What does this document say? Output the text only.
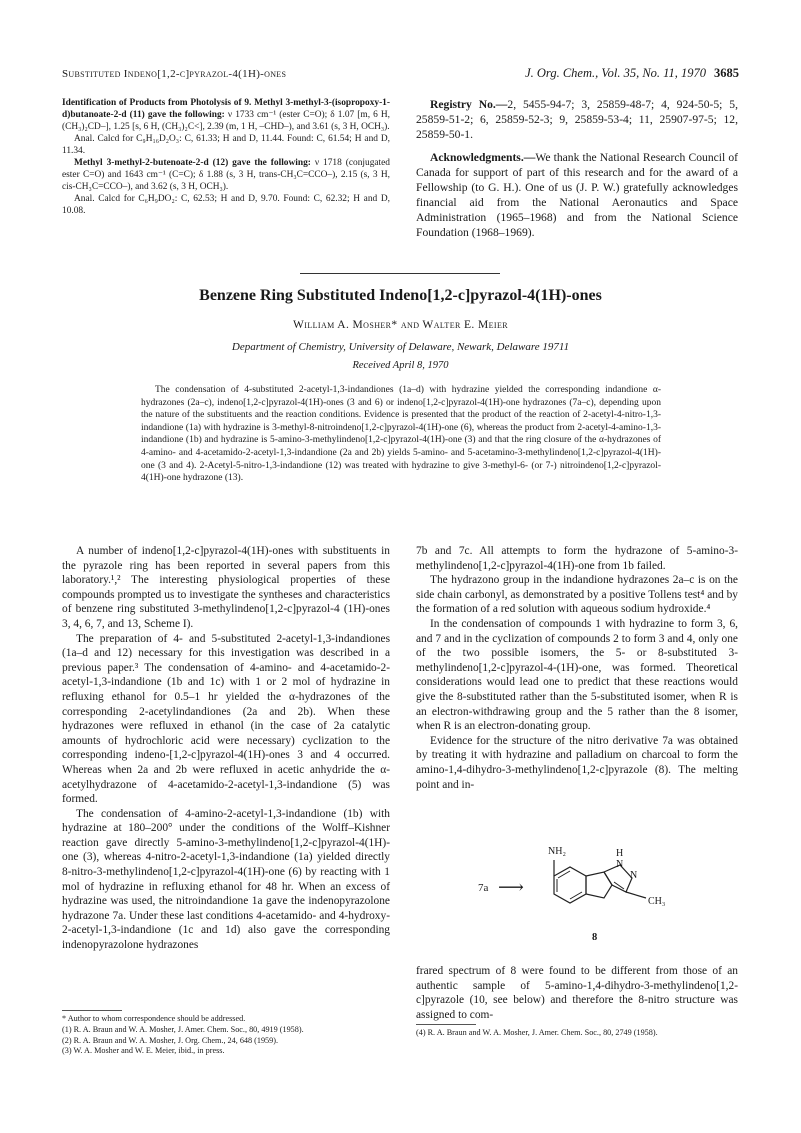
Substituted Indeno[1,2-c]pyrazol-4(1H)-ones	J. Org. Chem., Vol. 35, No. 11, 1970 3685

Identification of Products from Photolysis of 9. Methyl 3-methyl-3-(isopropoxy-1-d)butanoate-2-d (11) gave the following: ν 1733 cm⁻¹ (ester C=O); δ 1.07 [m, 6 H, (CH₃)₂CD–], 1.25 [s, 6 H, (CH₃)₂C<], 2.39 (m, 1 H, –CHD–), and 3.61 (s, 3 H, OCH₃).

Anal. Calcd for C₉H₁₆D₂O₃: C, 61.33; H and D, 11.44. Found: C, 61.54; H and D, 11.34.

Methyl 3-methyl-2-butenoate-2-d (12) gave the following: ν 1718 (conjugated ester C=O) and 1643 cm⁻¹ (C=C); δ 1.88 (s, 3 H, trans-CH₃C=CCO–), 2.15 (s, 3 H, cis-CH₃C=CCO–), and 3.62 (s, 3 H, OCH₃).

Anal. Calcd for C₆H₉DO₂: C, 62.53; H and D, 9.70. Found: C, 62.32; H and D, 10.08.

Registry No.—2, 5455-94-7; 3, 25859-48-7; 4, 924-50-5; 5, 25859-51-2; 6, 25859-52-3; 9, 25859-53-4; 11, 25907-97-5; 12, 25859-50-1.

Acknowledgments.—We thank the National Research Council of Canada for support of part of this research and for the award of a Fellowship (to G. H.). One of us (J. P. W.) gratefully acknowledges financial aid from the National Aeronautics and Space Administration (1965–1968) and from the National Science Foundation (1968–1969).

Benzene Ring Substituted Indeno[1,2-c]pyrazol-4(1H)-ones
William A. Mosher* and Walter E. Meier
Department of Chemistry, University of Delaware, Newark, Delaware 19711
Received April 8, 1970
The condensation of 4-substituted 2-acetyl-1,3-indandiones (1a–d) with hydrazine yielded the corresponding indandione α-hydrazones (2a–c), indeno[1,2-c]pyrazol-4(1H)-ones (3 and 6) or indeno[1,2-c]pyrazol-4(1H)-one hydrazones (7a–c), depending upon the nature of the substituents and the reaction conditions. Evidence is presented that the product of the reaction of 2-acetyl-4-nitro-1,3-indandione (1a) with hydrazine is 3-methyl-8-nitroindeno[1,2-c]pyrazol-4(1H)-one (6), whereas the product from 2-acetyl-4-amino-1,3-indandione (1b) and hydrazine is 5-amino-3-methylindeno[1,2-c]pyrazol-4(1H)-one (3) and that the ring closure of the α-hydrazones of 4-amino- and 4-acetamido-2-acetyl-1,3-indandione (2a and 2b) yields 5-amino- and 5-acetamino-3-methylindeno[1,2-c]pyrazol-4(1H)-one (3 and 4). 2-Acetyl-5-nitro-1,3-indandione (12) was treated with hydrazine to give 3-methyl-6- (or 7-) nitroindeno[1,2-c]pyrazol-4(1H)-one hydrazone (13).

A number of indeno[1,2-c]pyrazol-4(1H)-ones with substituents in the pyrazole ring has been reported in several papers from this laboratory.¹,² The interesting physiological properties of these compounds prompted us to investigate the syntheses and characteristics of benzene ring substituted 3-methylindeno[1,2-c]pyrazol-4 (1H)-ones 3, 4, 6, 7, and 13, Scheme I).

The preparation of 4- and 5-substituted 2-acetyl-1,3-indandiones (1a–d and 12) necessary for this investigation was described in a previous paper.³ The condensation of 4-amino- and 4-acetamido-2-acetyl-1,3-indandione (1b and 1c) with 1 or 2 mol of hydrazine in refluxing ethanol for 0.5–1 hr yielded the α-hydrazones of the corresponding 2-acetylindandiones (2a and 2b). When these hydrazones were refluxed in ethanol (in the case of 2a catalytic amounts of hydrochloric acid were necessary) cyclization to the corresponding indeno-[1,2-c]pyrazol-4(1H)-ones 3 and 4 occurred. Whereas when 2a and 2b were refluxed in acetic anhydride the α-acetylhydrazone of 4-acetamido-2-acetyl-1,3-indandione (5) was formed.

The condensation of 4-amino-2-acetyl-1,3-indandione (1b) with hydrazine at 180–200° under the conditions of the Wolff–Kishner reaction gave directly 5-amino-3-methylindeno[1,2-c]pyrazol-4(1H)-one (3), whereas 4-nitro-2-acetyl-1,3-indandione (1a) yielded directly 8-nitro-3-methylindeno[1,2-c]pyrazol-4(1H)-one (6) by reacting with 1 mol of hydrazine in refluxing ethanol for 48 hr. When an excess of hydrazine was used, the nitroindandione 1a gave the indenopyrazolone hydrazone 7a. Under these last conditions 4-acetamido- and 4-hydroxy-2-acetyl-1,3-indandione (1c and 1d) also gave the corresponding indenopyrazolone hydrazones

* Author to whom correspondence should be addressed.
(1) R. A. Braun and W. A. Mosher, J. Amer. Chem. Soc., 80, 4919 (1958).
(2) R. A. Braun and W. A. Mosher, J. Org. Chem., 24, 648 (1959).
(3) W. A. Mosher and W. E. Meier, ibid., in press.

7b and 7c. All attempts to form the hydrazone of 5-amino-3-methylindeno[1,2-c]pyrazol-4(1H)-one from 1b failed.

The hydrazono group in the indandione hydrazones 2a–c is on the side chain carbonyl, as demonstrated by a positive Tollens test⁴ and by the formation of a red solution with aqueous sodium hydroxide.⁴

In the condensation of compounds 1 with hydrazine to form 3, 6, and 7 and in the cyclization of compounds 2 to form 3 and 4, only one of the two possible isomers, the 5- or 8-substituted 3-methylindeno[1,2-c]pyrazol-4-(1H)-one, was formed. Theoretical considerations would lead one to predict that these reactions would give the 8-substituted rather than the 5-substituted isomer, when R is an electron-withdrawing group and the 5 rather than the 8 isomer, when R is an electron-donating group.

Evidence for the structure of the nitro derivative 7a was obtained by treating it with hydrazine and palladium on charcoal to form the amino-1,4-dihydro-3-methylindeno[1,2-c]pyrazole (8). The melting point and in-

7a ⟶
NH₂	H
N
N
CH₃
8

frared spectrum of 8 were found to be different from those of an authentic sample of 5-amino-1,4-dihydro-3-methylindeno[1,2-c]pyrazole (10, see below) and therefore the 8-nitro structure was assigned to com-

(4) R. A. Braun and W. A. Mosher, J. Amer. Chem. Soc., 80, 2749 (1958).
